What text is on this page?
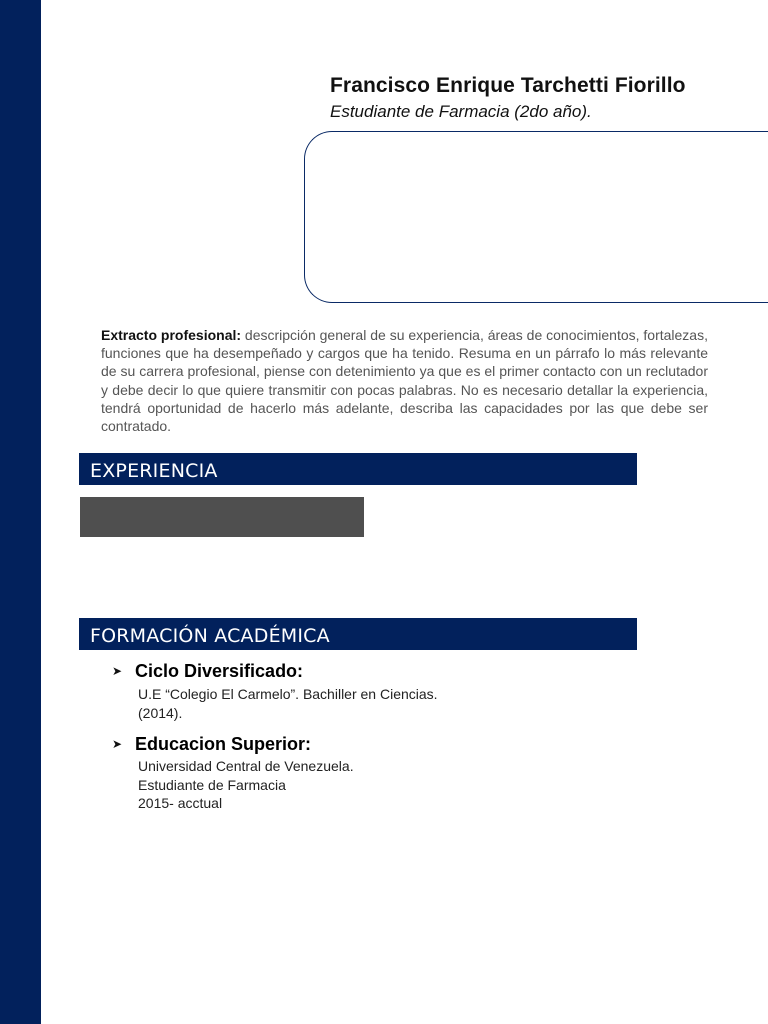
Francisco Enrique Tarchetti Fiorillo
Estudiante de Farmacia (2do año).

Extracto profesional: descripción general de su experiencia, áreas de conocimientos, fortalezas, funciones que ha desempeñado y cargos que ha tenido. Resuma en un párrafo lo más relevante de su carrera profesional, piense con detenimiento ya que es el primer contacto con un reclutador y debe decir lo que quiere transmitir con pocas palabras. No es necesario detallar la experiencia, tendrá oportunidad de hacerlo más adelante, describa las capacidades por las que debe ser contratado.

EXPERIENCIA
FORMACIÓN ACADÉMICA
➤ Ciclo Diversificado:
U.E “Colegio El Carmelo”. Bachiller en Ciencias.
(2014).
➤ Educacion Superior:
Universidad Central de Venezuela.
Estudiante de Farmacia
2015- acctual
